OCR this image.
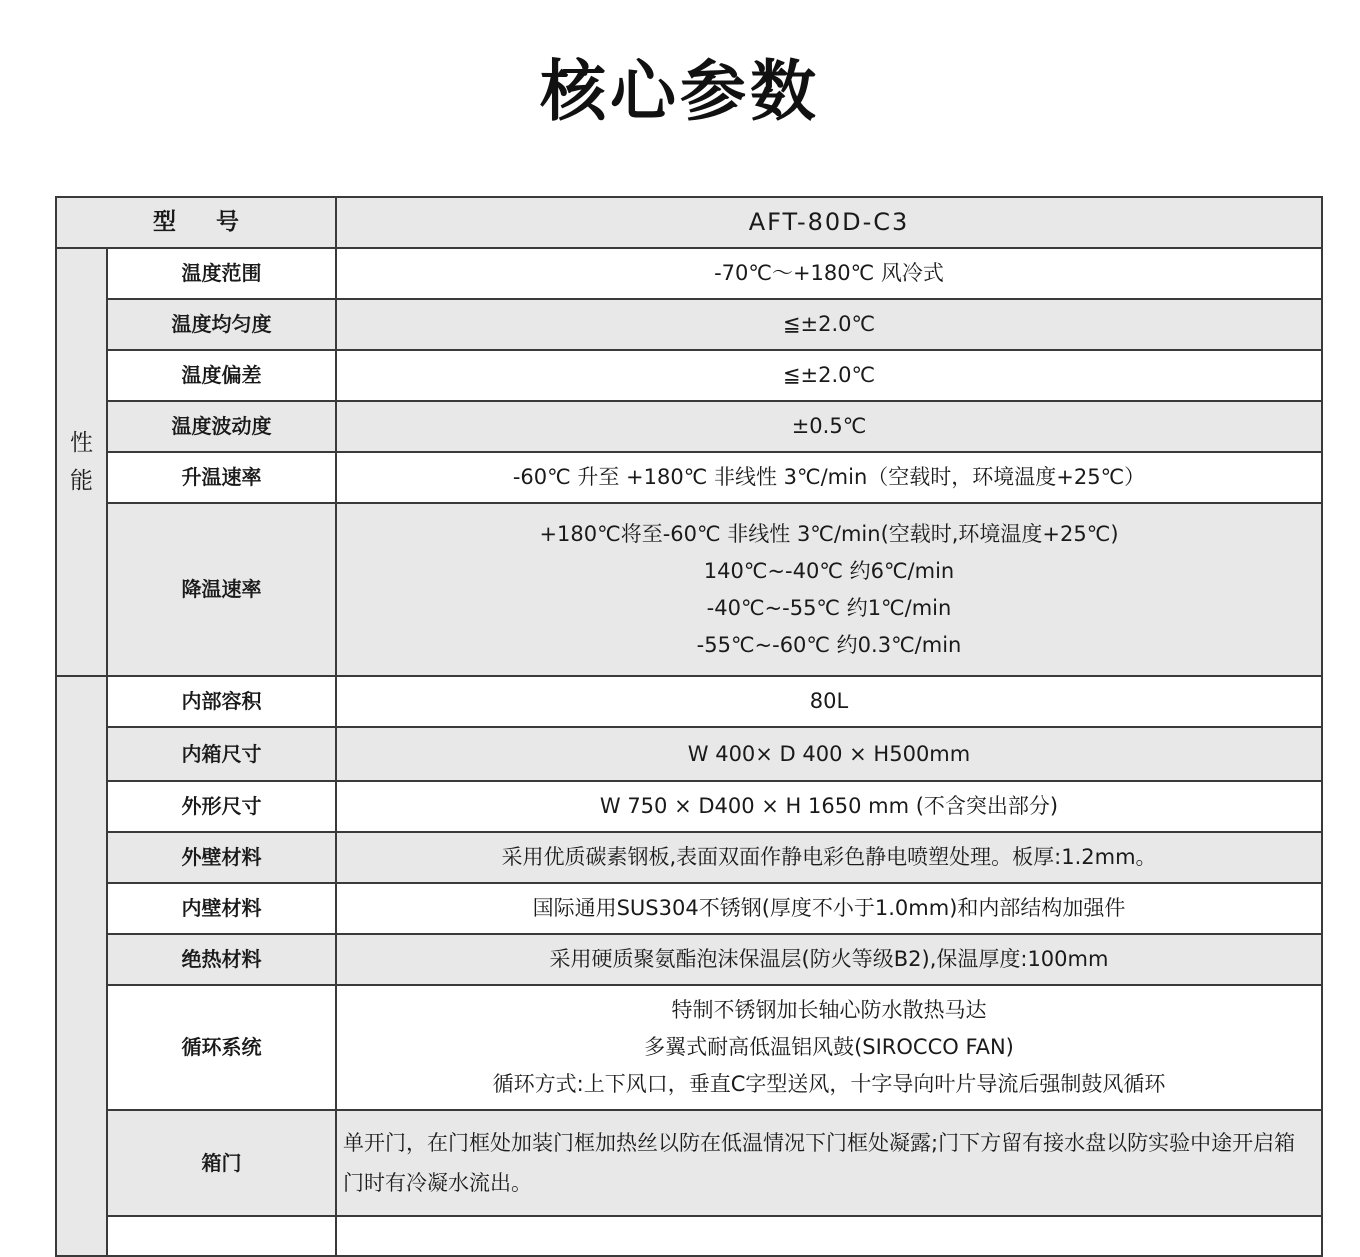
核心参数
型 号		AFT-80D-C3
性能	温度范围	-70℃～+180℃ 风冷式
	温度均匀度	≦±2.0℃
	温度偏差	≦±2.0℃
	温度波动度	±0.5℃
	升温速率	-60℃ 升至 +180℃ 非线性 3℃/min（空载时，环境温度+25℃）
	降温速率	+180℃将至-60℃ 非线性 3℃/min(空载时,环境温度+25℃)
140℃~-40℃ 约6℃/min
-40℃~-55℃ 约1℃/min
-55℃~-60℃ 约0.3℃/min

	内部容积	80L
	内箱尺寸	W 400× D 400 × H500mm
	外形尺寸	W 750 × D400 × H 1650 mm (不含突出部分)
	外壁材料	采用优质碳素钢板,表面双面作静电彩色静电喷塑处理。板厚:1.2mm。
	内壁材料	国际通用SUS304不锈钢(厚度不小于1.0mm)和内部结构加强件
	绝热材料	采用硬质聚氨酯泡沫保温层(防火等级B2),保温厚度:100mm
	循环系统	特制不锈钢加长轴心防水散热马达
多翼式耐高低温铝风鼓(SIROCCO FAN)
循环方式:上下风口，垂直C字型送风，十字导向叶片导流后强制鼓风循环

	箱门	单开门，在门框处加装门框加热丝以防在低温情况下门框处凝露;门下方留有接水盘以防实验中途开启箱门时有冷凝水流出。
